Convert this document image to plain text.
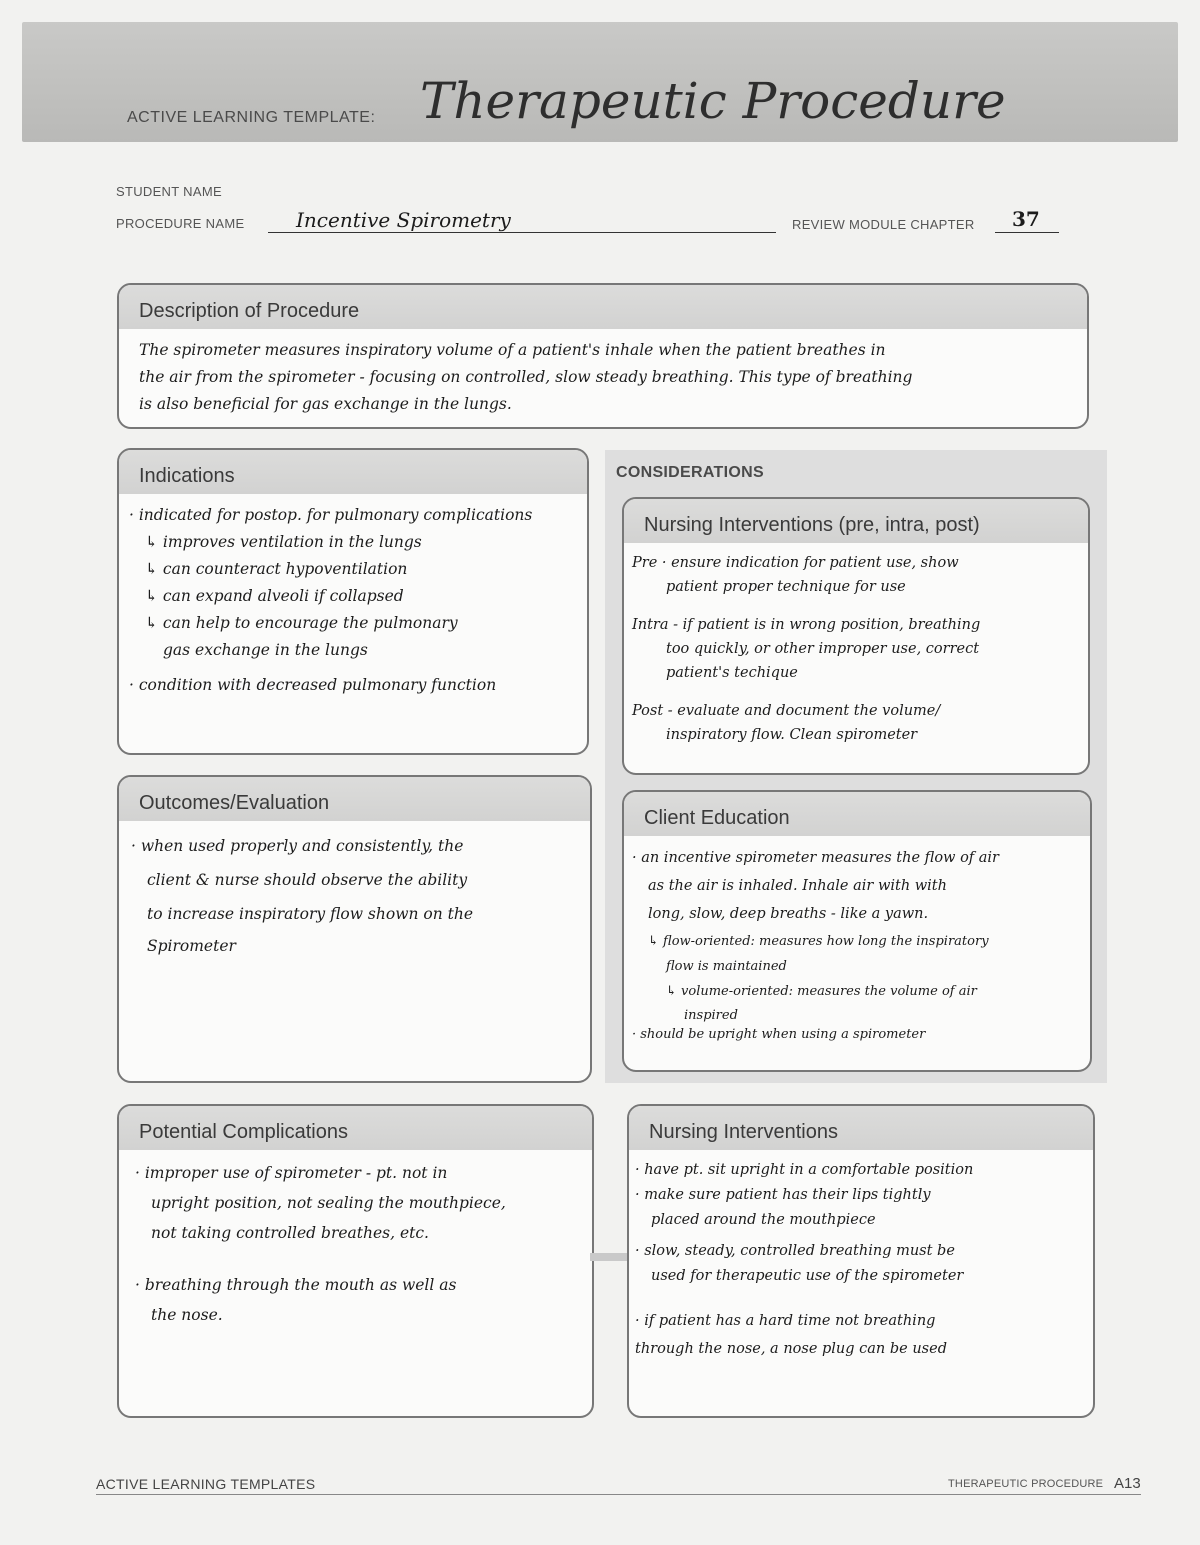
ACTIVE LEARNING TEMPLATE: Therapeutic Procedure
STUDENT NAME
PROCEDURE NAME	Incentive Spirometry	REVIEW MODULE CHAPTER 37
Description of Procedure

The spirometer measures inspiratory volume of a patient's inhale when the patient breathes in

the air from the spirometer - focusing on controlled, slow steady breathing. This type of breathing

is also beneficial for gas exchange in the lungs.

Indications

· indicated for postop. for pulmonary complications

↳ improves ventilation in the lungs

↳ can counteract hypoventilation

↳ can expand alveoli if collapsed

↳ can help to encourage the pulmonary

gas exchange in the lungs

· condition with decreased pulmonary function

CONSIDERATIONS
Nursing Interventions (pre, intra, post)

Pre · ensure indication for patient use, show

patient proper technique for use

Intra - if patient is in wrong position, breathing

too quickly, or other improper use, correct

patient's techique

Post - evaluate and document the volume/

inspiratory flow. Clean spirometer

Outcomes/Evaluation

· when used properly and consistently, the

client & nurse should observe the ability

to increase inspiratory flow shown on the

Spirometer

Client Education

· an incentive spirometer measures the flow of air

as the air is inhaled. Inhale air with with

long, slow, deep breaths - like a yawn.

↳ flow-oriented: measures how long the inspiratory

flow is maintained

↳ volume-oriented: measures the volume of air

inspired

· should be upright when using a spirometer

Potential Complications

· improper use of spirometer - pt. not in

upright position, not sealing the mouthpiece,

not taking controlled breathes, etc.

· breathing through the mouth as well as

the nose.

Nursing Interventions

· have pt. sit upright in a comfortable position

· make sure patient has their lips tightly

placed around the mouthpiece

· slow, steady, controlled breathing must be

used for therapeutic use of the spirometer

· if patient has a hard time not breathing

through the nose, a nose plug can be used

ACTIVE LEARNING TEMPLATES	THERAPEUTIC PROCEDURE A13
